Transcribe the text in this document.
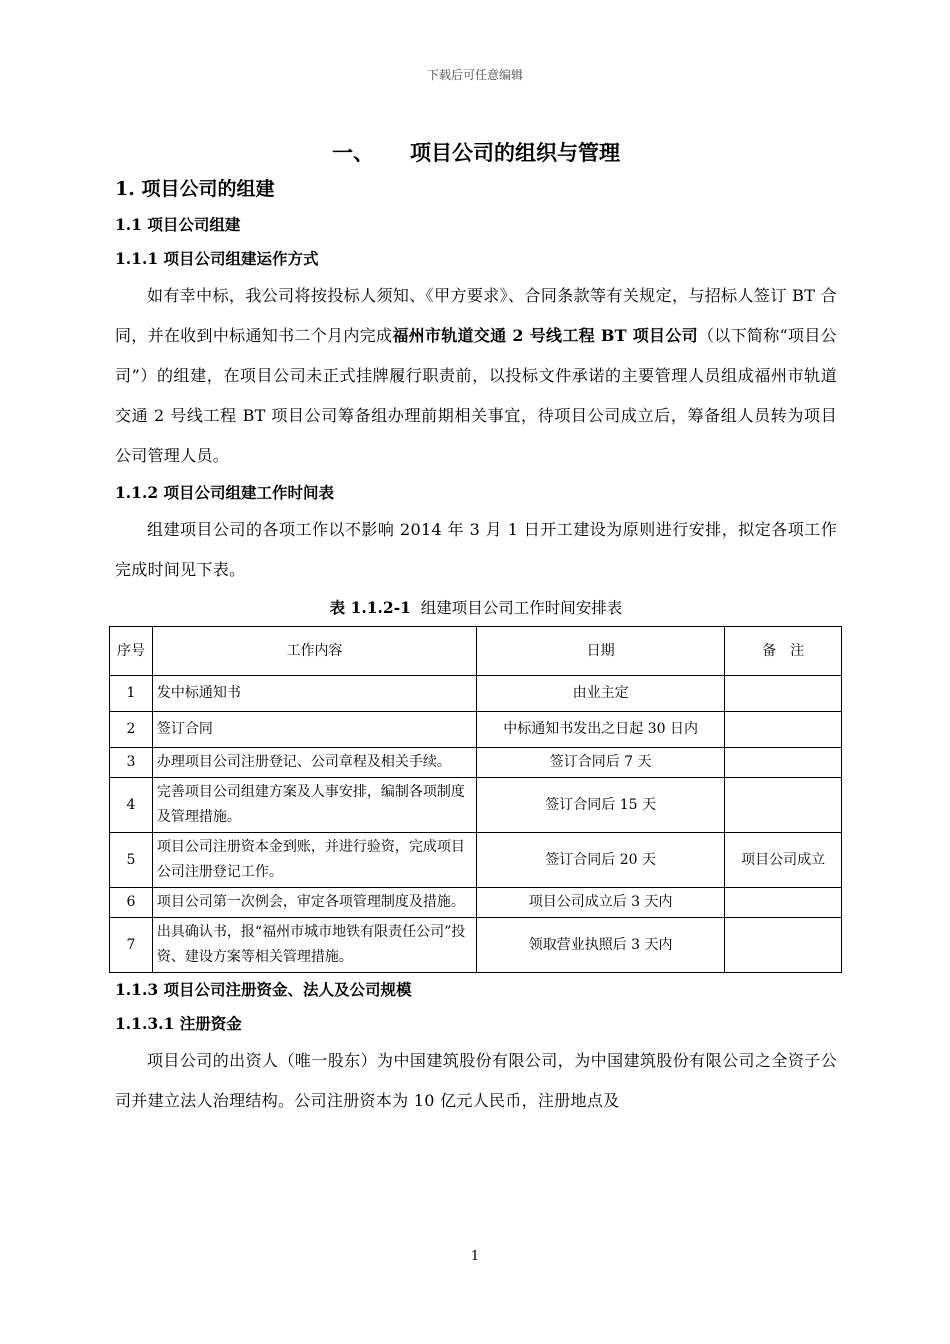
下载后可任意编辑
一、 项目公司的组织与管理
1. 项目公司的组建
1.1 项目公司组建
1.1.1 项目公司组建运作方式

如有幸中标，我公司将按投标人须知、《甲方要求》、合同条款等有关规定，与招标人签订 BT 合同，并在收到中标通知书二个月内完成福州市轨道交通 2 号线工程 BT 项目公司（以下简称“项目公司”）的组建，在项目公司未正式挂牌履行职责前，以投标文件承诺的主要管理人员组成福州市轨道交通 2 号线工程 BT 项目公司筹备组办理前期相关事宜，待项目公司成立后，筹备组人员转为项目公司管理人员。

1.1.2 项目公司组建工作时间表

组建项目公司的各项工作以不影响 2014 年 3 月 1 日开工建设为原则进行安排，拟定各项工作完成时间见下表。

表 1.1.2-1 组建项目公司工作时间安排表
序号	工作内容	日期	备　注
1	发中标通知书	由业主定	
2	签订合同	中标通知书发出之日起 30 日内	
3	办理项目公司注册登记、公司章程及相关手续。	签订合同后 7 天	
4	完善项目公司组建方案及人事安排，编制各项制度及管理措施。	签订合同后 15 天	
5	项目公司注册资本金到账，并进行验资，完成项目公司注册登记工作。	签订合同后 20 天	项目公司成立
6	项目公司第一次例会，审定各项管理制度及措施。	项目公司成立后 3 天内	
7	出具确认书，报“福州市城市地铁有限责任公司”投资、建设方案等相关管理措施。	领取营业执照后 3 天内	
1.1.3 项目公司注册资金、法人及公司规模
1.1.3.1 注册资金

项目公司的出资人（唯一股东）为中国建筑股份有限公司，为中国建筑股份有限公司之全资子公司并建立法人治理结构。公司注册资本为 10 亿元人民币，注册地点及

1
